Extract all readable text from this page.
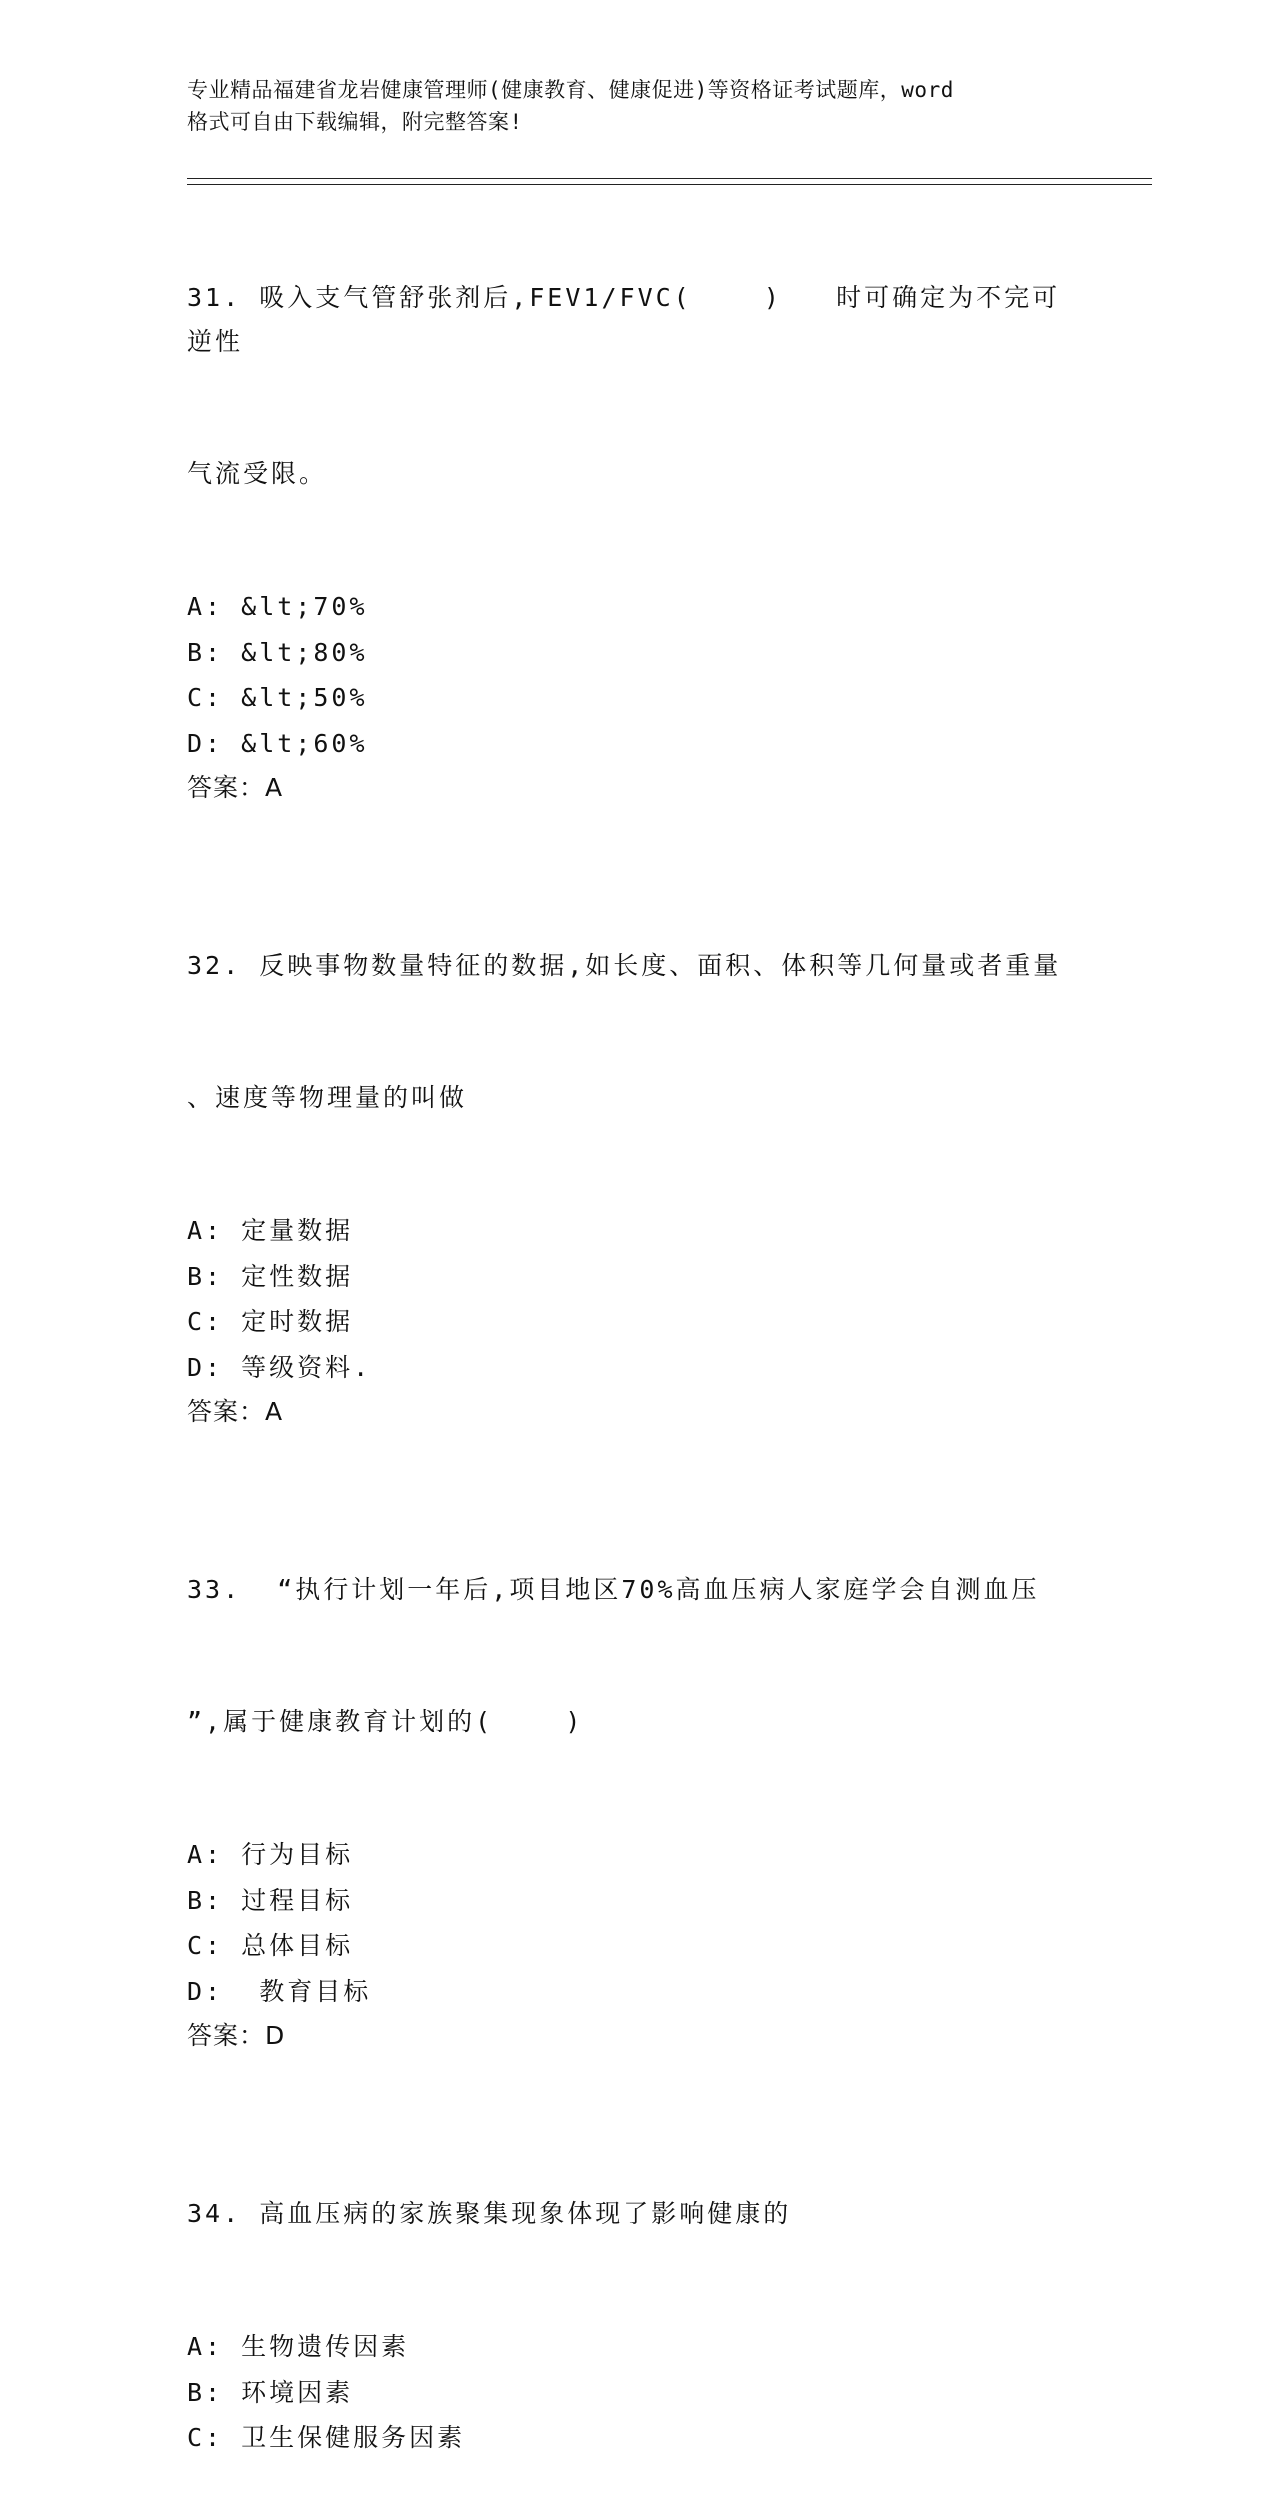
专业精品福建省龙岩健康管理师(健康教育、健康促进)等资格证考试题库，word
格式可自由下载编辑，附完整答案!

31. 吸入支气管舒张剂后,FEV1/FVC(    )   时可确定为不完可逆性

气流受限。

A: &lt;70%
B: &lt;80%
C: &lt;50%
D: &lt;60%
答案：A

32. 反映事物数量特征的数据,如长度、面积、体积等几何量或者重量

、速度等物理量的叫做

A: 定量数据
B: 定性数据
C: 定时数据
D: 等级资料.
答案：A

33.  “执行计划一年后,项目地区70%高血压病人家庭学会自测血压

”,属于健康教育计划的(    )

A: 行为目标
B: 过程目标
C: 总体目标
D:  教育目标
答案：D

34. 高血压病的家族聚集现象体现了影响健康的

A: 生物遗传因素
B: 环境因素
C: 卫生保健服务因素
